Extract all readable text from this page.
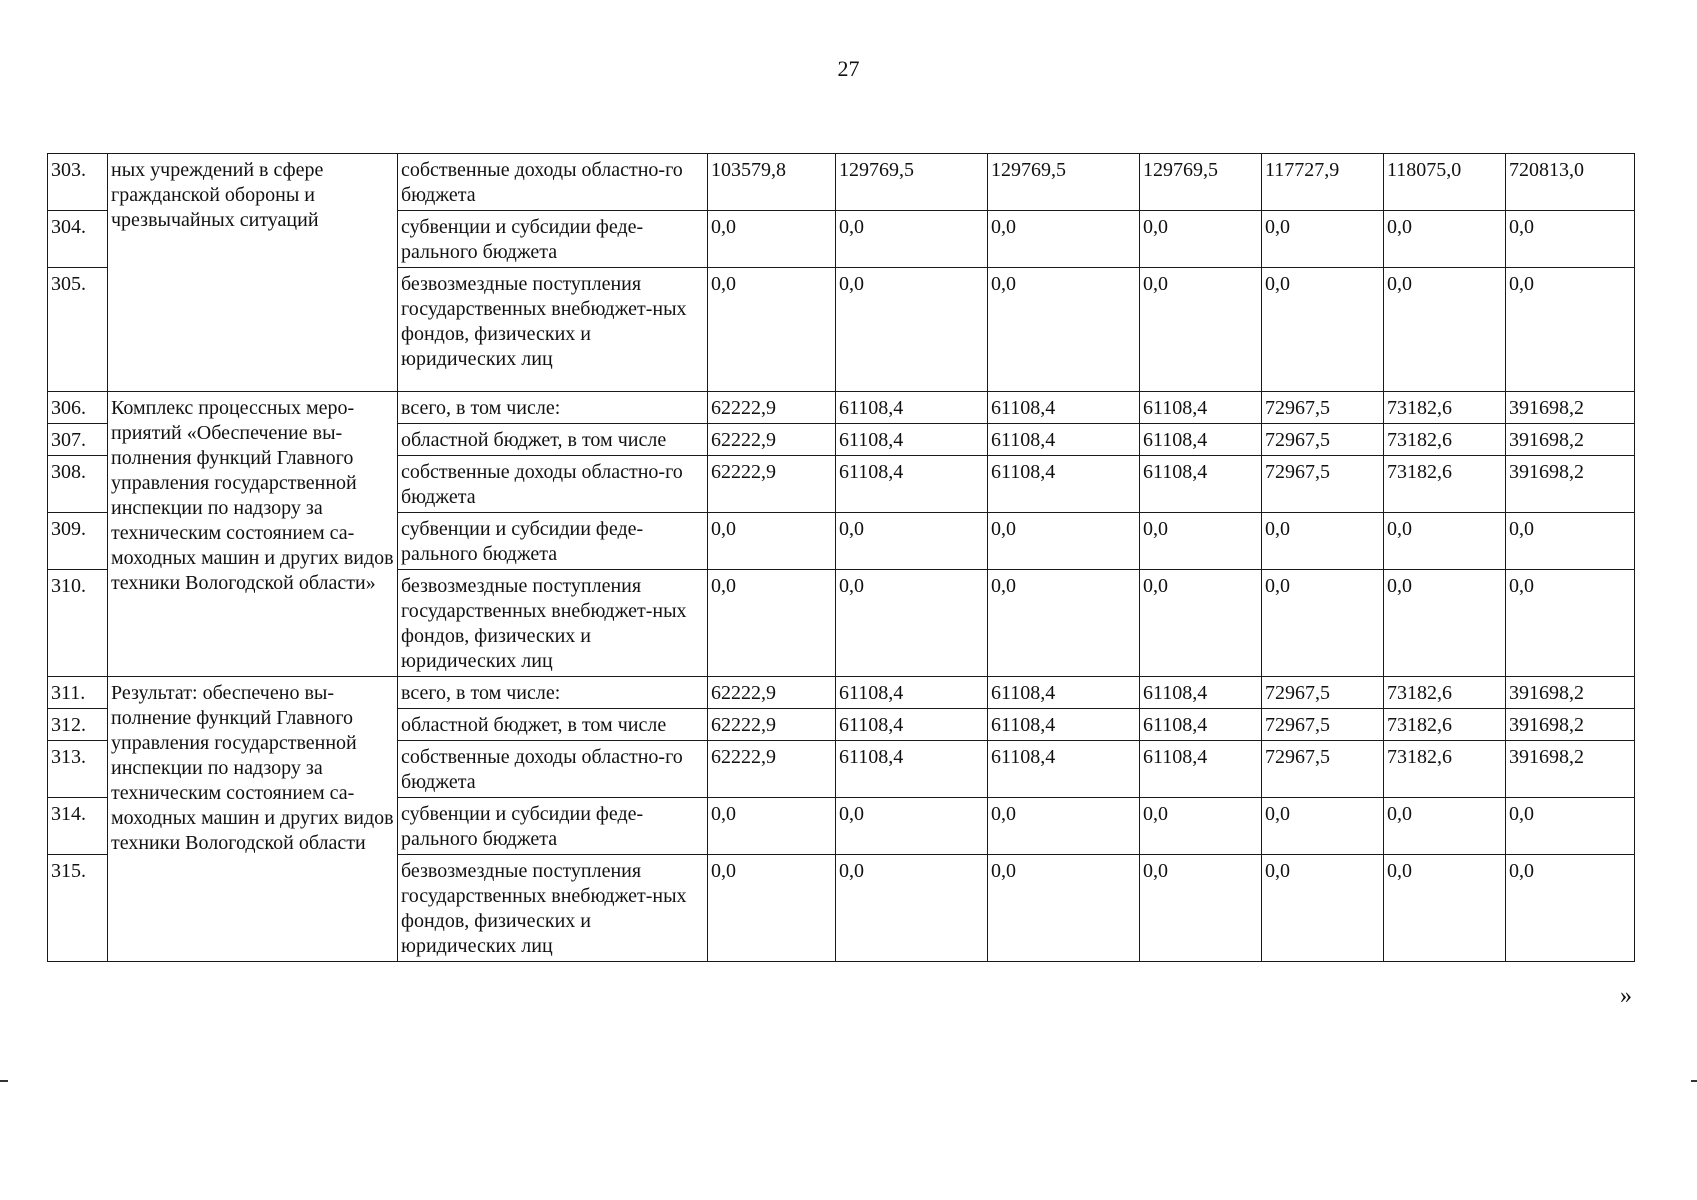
27
303.	ных учреждений в сфере гражданской обороны и чрезвычайных ситуаций	собственные доходы областно-го бюджета	103579,8	129769,5	129769,5	129769,5	117727,9	118075,0	720813,0
304.		субвенции и субсидии феде-рального бюджета	0,0	0,0	0,0	0,0	0,0	0,0	0,0
305.		безвозмездные поступления государственных внебюджет-ных фондов, физических и юридических лиц	0,0	0,0	0,0	0,0	0,0	0,0	0,0
306.	Комплекс процессных меро-приятий «Обеспечение вы-полнения функций Главного управления государственной инспекции по надзору за техническим состоянием са-моходных машин и других видов техники Вологодской области»	всего, в том числе:	62222,9	61108,4	61108,4	61108,4	72967,5	73182,6	391698,2
307.		областной бюджет, в том числе	62222,9	61108,4	61108,4	61108,4	72967,5	73182,6	391698,2
308.		собственные доходы областно-го бюджета	62222,9	61108,4	61108,4	61108,4	72967,5	73182,6	391698,2
309.		субвенции и субсидии феде-рального бюджета	0,0	0,0	0,0	0,0	0,0	0,0	0,0
310.		безвозмездные поступления государственных внебюджет-ных фондов, физических и юридических лиц	0,0	0,0	0,0	0,0	0,0	0,0	0,0
311.	Результат: обеспечено вы-полнение функций Главного управления государственной инспекции по надзору за техническим состоянием са-моходных машин и других видов техники Вологодской области	всего, в том числе:	62222,9	61108,4	61108,4	61108,4	72967,5	73182,6	391698,2
312.		областной бюджет, в том числе	62222,9	61108,4	61108,4	61108,4	72967,5	73182,6	391698,2
313.		собственные доходы областно-го бюджета	62222,9	61108,4	61108,4	61108,4	72967,5	73182,6	391698,2
314.		субвенции и субсидии феде-рального бюджета	0,0	0,0	0,0	0,0	0,0	0,0	0,0
315.		безвозмездные поступления государственных внебюджет-ных фондов, физических и юридических лиц	0,0	0,0	0,0	0,0	0,0	0,0	0,0
»
